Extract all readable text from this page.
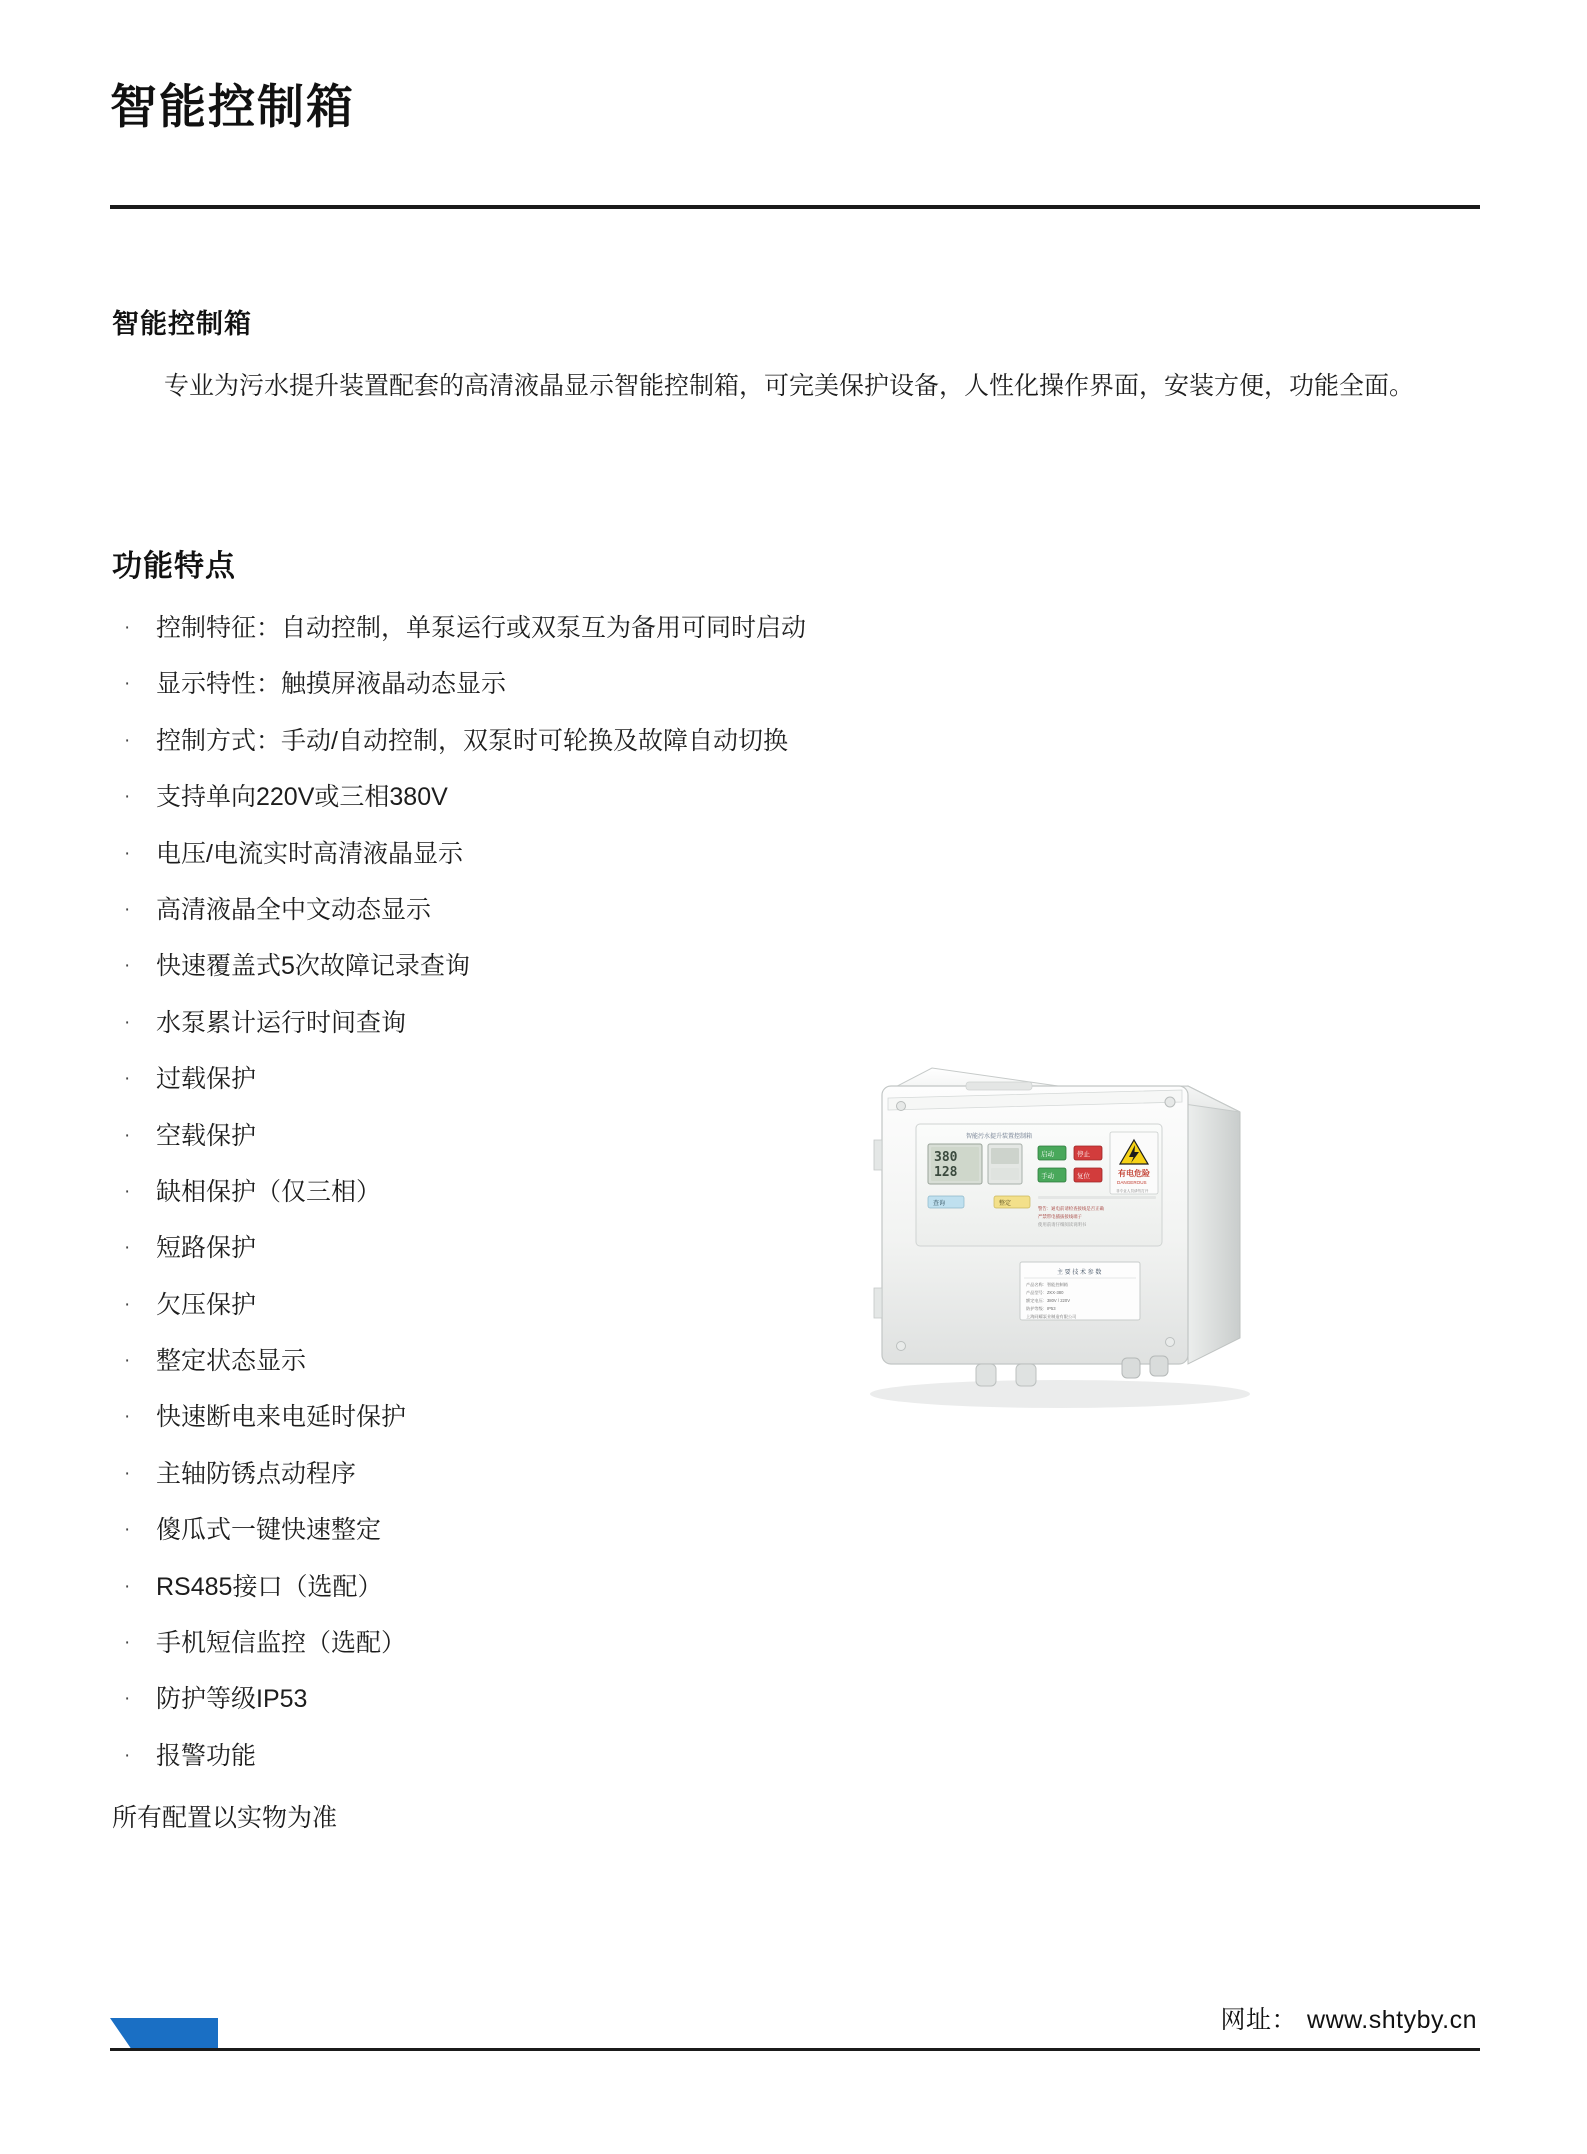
智能控制箱
智能控制箱
专业为污水提升装置配套的高清液晶显示智能控制箱，可完美保护设备，人性化操作界面，安装方便，功能全面。
功能特点
· 控制特征：自动控制，单泵运行或双泵互为备用可同时启动
· 显示特性：触摸屏液晶动态显示
· 控制方式：手动/自动控制，双泵时可轮换及故障自动切换
· 支持单向220V或三相380V
· 电压/电流实时高清液晶显示
· 高清液晶全中文动态显示
· 快速覆盖式5次故障记录查询
· 水泵累计运行时间查询
· 过载保护
· 空载保护
· 缺相保护（仅三相）
· 短路保护
· 欠压保护
· 整定状态显示
· 快速断电来电延时保护
· 主轴防锈点动程序
· 傻瓜式一键快速整定
· RS485接口（选配）
· 手机短信监控（选配）
· 防护等级IP53
· 报警功能
所有配置以实物为准
智能污水提升装置控制箱
380
128
启动	停止
手动	复位	有电危险
DANGEROUS
非专业人员请勿打开
查询	整定
警告：通电前请检查接线是否正确
严禁带电插拔接线端子
使用前请仔细阅读说明书
主 要 技 术 参 数
产品名称：智能控制箱
产品型号：ZKX-380
额定电压：380V / 220V
防护等级：IP53
上海同耀泵业制造有限公司
网址： www.shtyby.cn
